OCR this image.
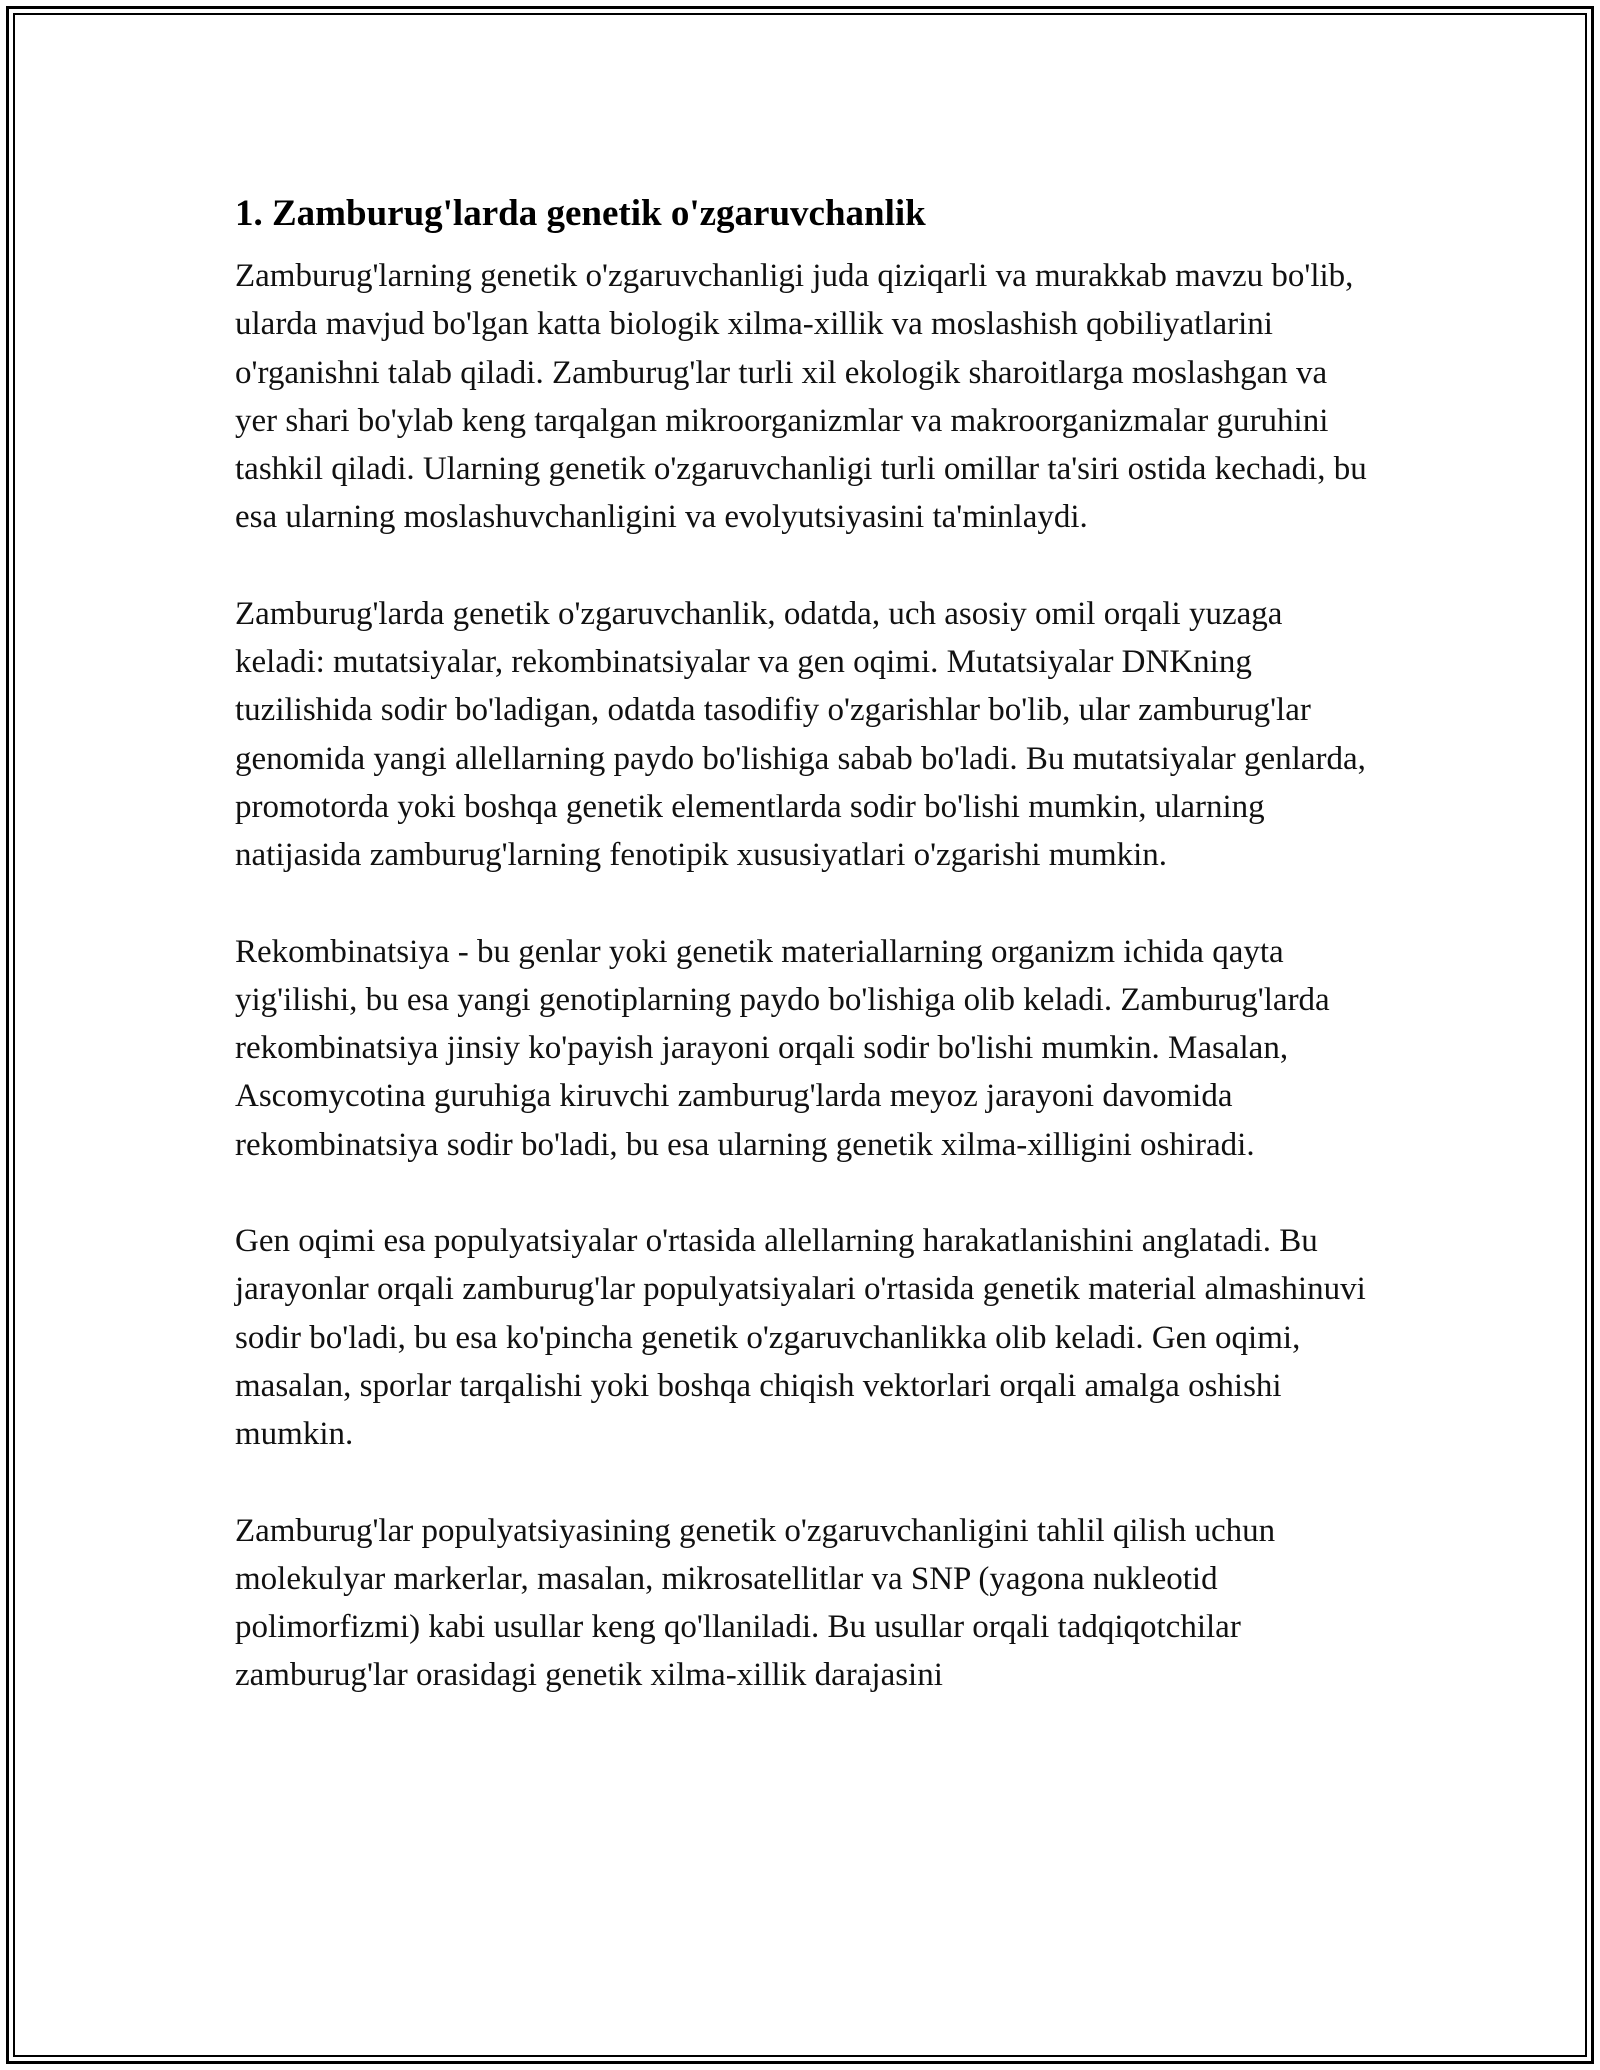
1. Zamburug'larda genetik o'zgaruvchanlik

Zamburug'larning genetik o'zgaruvchanligi juda qiziqarli va murakkab mavzu bo'lib, ularda mavjud bo'lgan katta biologik xilma-xillik va moslashish qobiliyatlarini o'rganishni talab qiladi. Zamburug'lar turli xil ekologik sharoitlarga moslashgan va yer shari bo'ylab keng tarqalgan mikroorganizmlar va makroorganizmalar guruhini tashkil qiladi. Ularning genetik o'zgaruvchanligi turli omillar ta'siri ostida kechadi, bu esa ularning moslashuvchanligini va evolyutsiyasini ta'minlaydi.

Zamburug'larda genetik o'zgaruvchanlik, odatda, uch asosiy omil orqali yuzaga keladi: mutatsiyalar, rekombinatsiyalar va gen oqimi. Mutatsiyalar DNKning tuzilishida sodir bo'ladigan, odatda tasodifiy o'zgarishlar bo'lib, ular zamburug'lar genomida yangi allellarning paydo bo'lishiga sabab bo'ladi. Bu mutatsiyalar genlarda, promotorda yoki boshqa genetik elementlarda sodir bo'lishi mumkin, ularning natijasida zamburug'larning fenotipik xususiyatlari o'zgarishi mumkin.

Rekombinatsiya - bu genlar yoki genetik materiallarning organizm ichida qayta yig'ilishi, bu esa yangi genotiplarning paydo bo'lishiga olib keladi. Zamburug'larda rekombinatsiya jinsiy ko'payish jarayoni orqali sodir bo'lishi mumkin. Masalan, Ascomycotina guruhiga kiruvchi zamburug'larda meyoz jarayoni davomida rekombinatsiya sodir bo'ladi, bu esa ularning genetik xilma-xilligini oshiradi.

Gen oqimi esa populyatsiyalar o'rtasida allellarning harakatlanishini anglatadi. Bu jarayonlar orqali zamburug'lar populyatsiyalari o'rtasida genetik material almashinuvi sodir bo'ladi, bu esa ko'pincha genetik o'zgaruvchanlikka olib keladi. Gen oqimi, masalan, sporlar tarqalishi yoki boshqa chiqish vektorlari orqali amalga oshishi mumkin.

Zamburug'lar populyatsiyasining genetik o'zgaruvchanligini tahlil qilish uchun molekulyar markerlar, masalan, mikrosatellitlar va SNP (yagona nukleotid polimorfizmi) kabi usullar keng qo'llaniladi. Bu usullar orqali tadqiqotchilar zamburug'lar orasidagi genetik xilma-xillik darajasini
